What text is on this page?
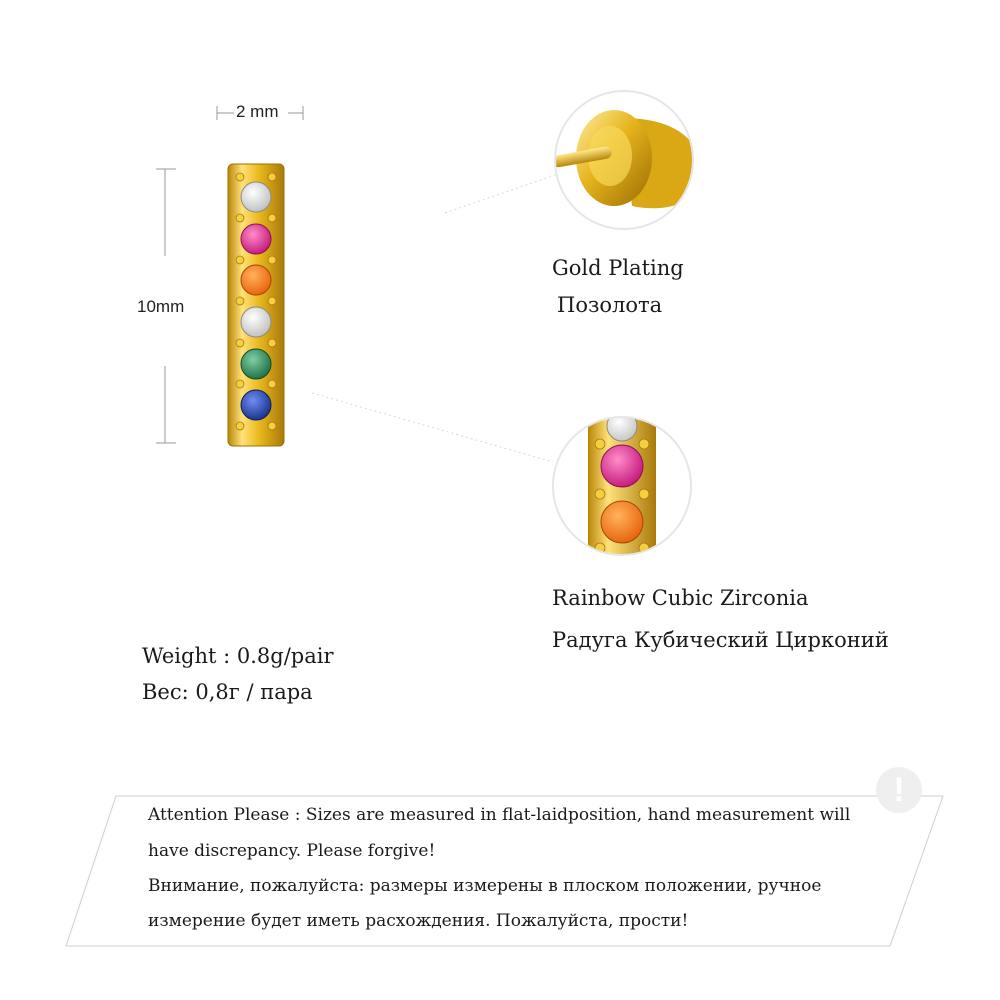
2 mm
10mm
Gold Plating
Позолота
Rainbow Cubic Zirconia
Радуга Кубический Цирконий
Weight : 0.8g/pair
Вес: 0,8г / пара
!
Attention Please : Sizes are measured in flat-laidposition, hand measurement will
have discrepancy. Please forgive!
Внимание, пожалуйста: размеры измерены в плоском положении, ручное
измерение будет иметь расхождения. Пожалуйста, прости!
